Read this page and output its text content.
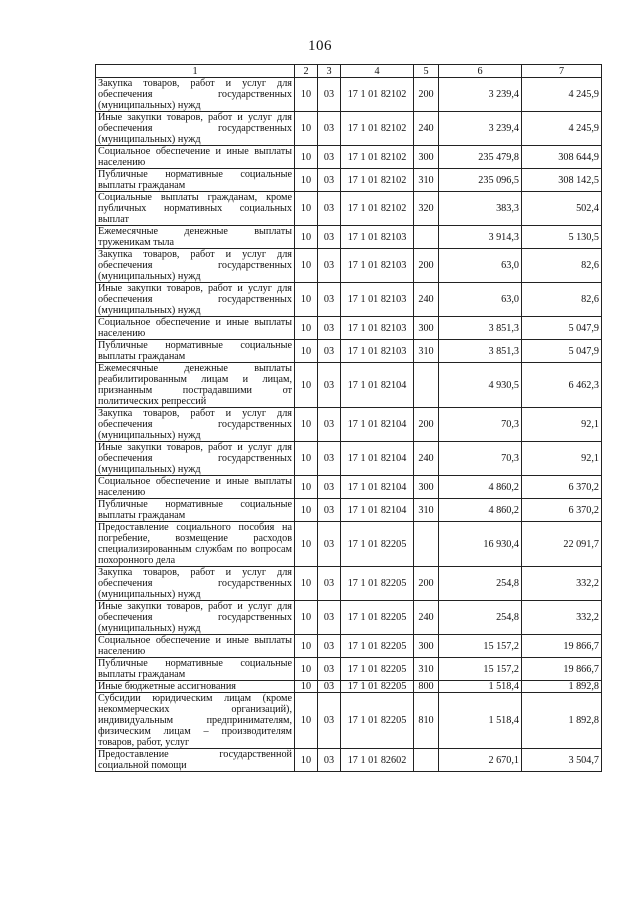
106
1	2	3	4	5	6	7
Закупка товаров, работ и услуг для обеспечения государственных (муниципальных) нужд	10	03	17 1 01 82102	200	3 239,4	4 245,9
Иные закупки товаров, работ и услуг для обеспечения государственных (муниципальных) нужд	10	03	17 1 01 82102	240	3 239,4	4 245,9
Социальное обеспечение и иные выплаты населению	10	03	17 1 01 82102	300	235 479,8	308 644,9
Публичные нормативные социальные выплаты гражданам	10	03	17 1 01 82102	310	235 096,5	308 142,5
Социальные выплаты гражданам, кроме публичных нормативных социальных выплат	10	03	17 1 01 82102	320	383,3	502,4
Ежемесячные денежные выплаты труженикам тыла	10	03	17 1 01 82103		3 914,3	5 130,5
Закупка товаров, работ и услуг для обеспечения государственных (муниципальных) нужд	10	03	17 1 01 82103	200	63,0	82,6
Иные закупки товаров, работ и услуг для обеспечения государственных (муниципальных) нужд	10	03	17 1 01 82103	240	63,0	82,6
Социальное обеспечение и иные выплаты населению	10	03	17 1 01 82103	300	3 851,3	5 047,9
Публичные нормативные социальные выплаты гражданам	10	03	17 1 01 82103	310	3 851,3	5 047,9
Ежемесячные денежные выплаты реабилитированным лицам и лицам, признанным пострадавшими от политических репрессий	10	03	17 1 01 82104		4 930,5	6 462,3
Закупка товаров, работ и услуг для обеспечения государственных (муниципальных) нужд	10	03	17 1 01 82104	200	70,3	92,1
Иные закупки товаров, работ и услуг для обеспечения государственных (муниципальных) нужд	10	03	17 1 01 82104	240	70,3	92,1
Социальное обеспечение и иные выплаты населению	10	03	17 1 01 82104	300	4 860,2	6 370,2
Публичные нормативные социальные выплаты гражданам	10	03	17 1 01 82104	310	4 860,2	6 370,2
Предоставление социального пособия на погребение, возмещение расходов специализированным службам по вопросам похоронного дела	10	03	17 1 01 82205		16 930,4	22 091,7
Закупка товаров, работ и услуг для обеспечения государственных (муниципальных) нужд	10	03	17 1 01 82205	200	254,8	332,2
Иные закупки товаров, работ и услуг для обеспечения государственных (муниципальных) нужд	10	03	17 1 01 82205	240	254,8	332,2
Социальное обеспечение и иные выплаты населению	10	03	17 1 01 82205	300	15 157,2	19 866,7
Публичные нормативные социальные выплаты гражданам	10	03	17 1 01 82205	310	15 157,2	19 866,7
Иные бюджетные ассигнования	10	03	17 1 01 82205	800	1 518,4	1 892,8
Субсидии юридическим лицам (кроме некоммерческих организаций), индивидуальным предпринимателям, физическим лицам – производителям товаров, работ, услуг	10	03	17 1 01 82205	810	1 518,4	1 892,8
Предоставление государственной социальной помощи	10	03	17 1 01 82602		2 670,1	3 504,7
